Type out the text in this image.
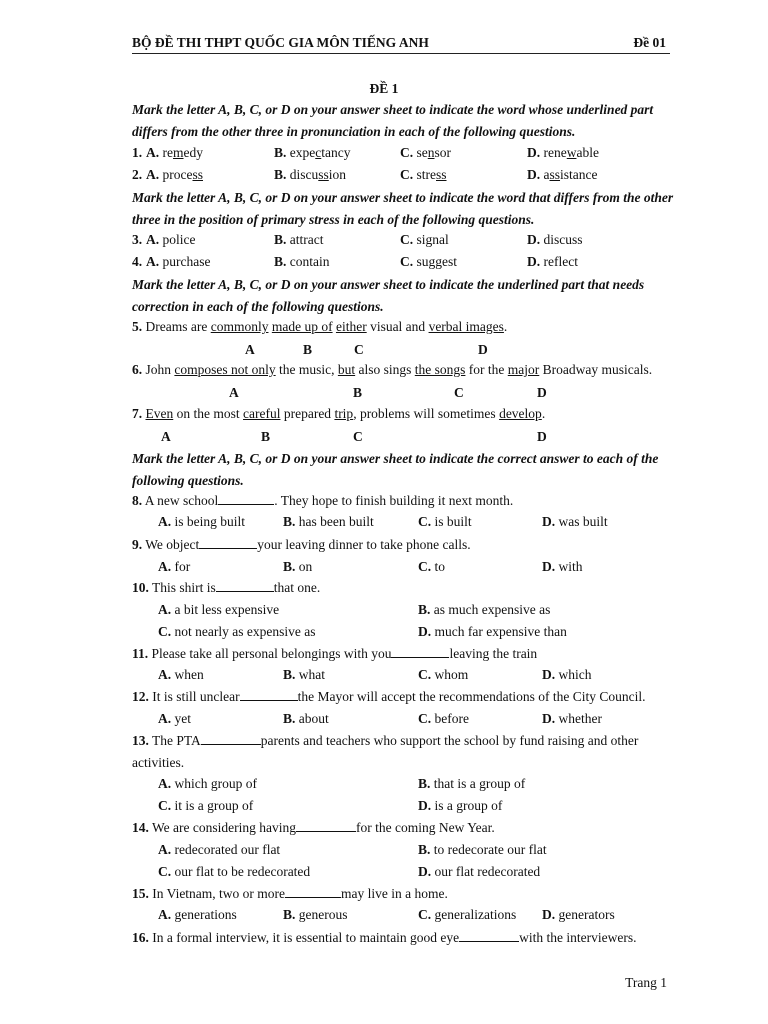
BỘ ĐỀ THI THPT QUỐC GIA MÔN TIẾNG ANH	Đề 01
ĐỀ 1
Mark the letter A, B, C, or D on your answer sheet to indicate the word whose underlined part differs from the other three in pronunciation in each of the following questions.
1. A. remedy	B. expectancy	C. sensor	D. renewable
2. A. process	B. discussion	C. stress	D. assistance
Mark the letter A, B, C, or D on your answer sheet to indicate the word that differs from the other three in the position of primary stress in each of the following questions.
3. A. police	B. attract	C. signal	D. discuss
4. A. purchase	B. contain	C. suggest	D. reflect
Mark the letter A, B, C, or D on your answer sheet to indicate the underlined part that needs correction in each of the following questions.
5. Dreams are commonly made up of either visual and verbal images.
A	B	C	D
6. John composes not only the music, but also sings the songs for the major Broadway musicals.
A	B	C	D
7. Even on the most careful prepared trip, problems will sometimes develop.
A	B	C	D
Mark the letter A, B, C, or D on your answer sheet to indicate the correct answer to each of the following questions.
8. A new school	. They hope to finish building it next month.
A. is being built	B. has been built	C. is built	D. was built
9. We object	your leaving dinner to take phone calls.
A. for	B. on	C. to	D. with
10. This shirt is	that one.
A. a bit less expensive	B. as much expensive as
C. not nearly as expensive as	D. much far expensive than
11. Please take all personal belongings with you	leaving the train
A. when	B. what	C. whom	D. which
12. It is still unclear	the Mayor will accept the recommendations of the City Council.
A. yet	B. about	C. before	D. whether
13. The PTA	parents and teachers who support the school by fund raising and other
activities.
A. which group of	B. that is a group of
C. it is a group of	D. is a group of
14. We are considering having	for the coming New Year.
A. redecorated our flat	B. to redecorate our flat
C. our flat to be redecorated	D. our flat redecorated
15. In Vietnam, two or more	may live in a home.
A. generations	B. generous	C. generalizations D. generators
16. In a formal interview, it is essential to maintain good eye	with the interviewers.
Trang 1
